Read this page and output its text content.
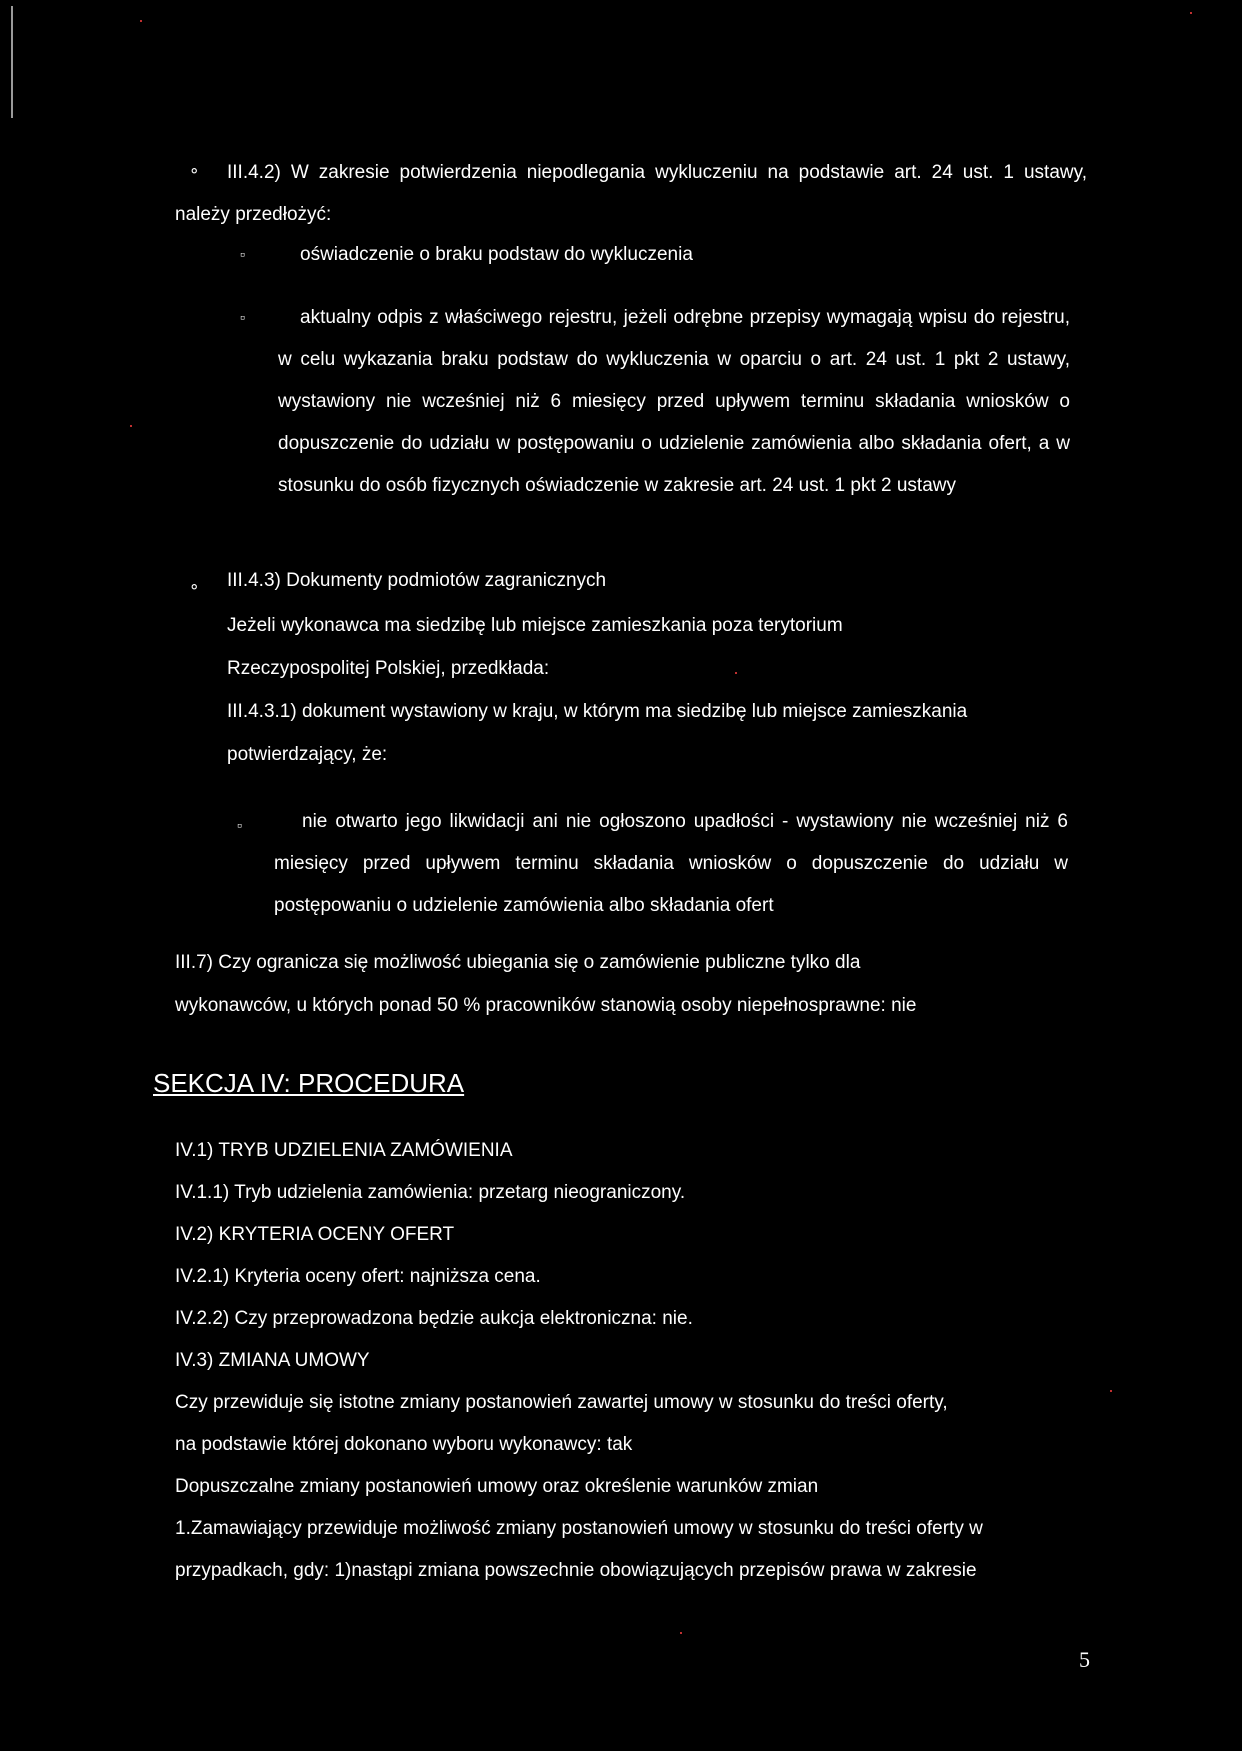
∘	III.4.2) W zakresie potwierdzenia niepodlegania wykluczeniu na podstawie art. 24 ust. 1 ustawy, należy przedłożyć:
▫	oświadczenie o braku podstaw do wykluczenia
▫	aktualny odpis z właściwego rejestru, jeżeli odrębne przepisy wymagają wpisu do rejestru, w celu wykazania braku podstaw do wykluczenia w oparciu o art. 24 ust. 1 pkt 2 ustawy, wystawiony nie wcześniej niż 6 miesięcy przed upływem terminu składania wniosków o dopuszczenie do udziału w postępowaniu o udzielenie zamówienia albo składania ofert, a w stosunku do osób fizycznych oświadczenie w zakresie art. 24 ust. 1 pkt 2 ustawy
∘ III.4.3) Dokumenty podmiotów zagranicznych
Jeżeli wykonawca ma siedzibę lub miejsce zamieszkania poza terytorium
Rzeczypospolitej Polskiej, przedkłada:
III.4.3.1) dokument wystawiony w kraju, w którym ma siedzibę lub miejsce zamieszkania
potwierdzający, że:
▫	nie otwarto jego likwidacji ani nie ogłoszono upadłości - wystawiony nie wcześniej niż 6 miesięcy przed upływem terminu składania wniosków o dopuszczenie do udziału w postępowaniu o udzielenie zamówienia albo składania ofert
III.7) Czy ogranicza się możliwość ubiegania się o zamówienie publiczne tylko dla
wykonawców, u których ponad 50 % pracowników stanowią osoby niepełnosprawne: nie
SEKCJA IV: PROCEDURA
IV.1) TRYB UDZIELENIA ZAMÓWIENIA
IV.1.1) Tryb udzielenia zamówienia: przetarg nieograniczony.
IV.2) KRYTERIA OCENY OFERT
IV.2.1) Kryteria oceny ofert: najniższa cena.
IV.2.2) Czy przeprowadzona będzie aukcja elektroniczna: nie.
IV.3) ZMIANA UMOWY
Czy przewiduje się istotne zmiany postanowień zawartej umowy w stosunku do treści oferty,
na podstawie której dokonano wyboru wykonawcy: tak
Dopuszczalne zmiany postanowień umowy oraz określenie warunków zmian
1.Zamawiający przewiduje możliwość zmiany postanowień umowy w stosunku do treści oferty w
przypadkach, gdy: 1)nastąpi zmiana powszechnie obowiązujących przepisów prawa w zakresie
5
